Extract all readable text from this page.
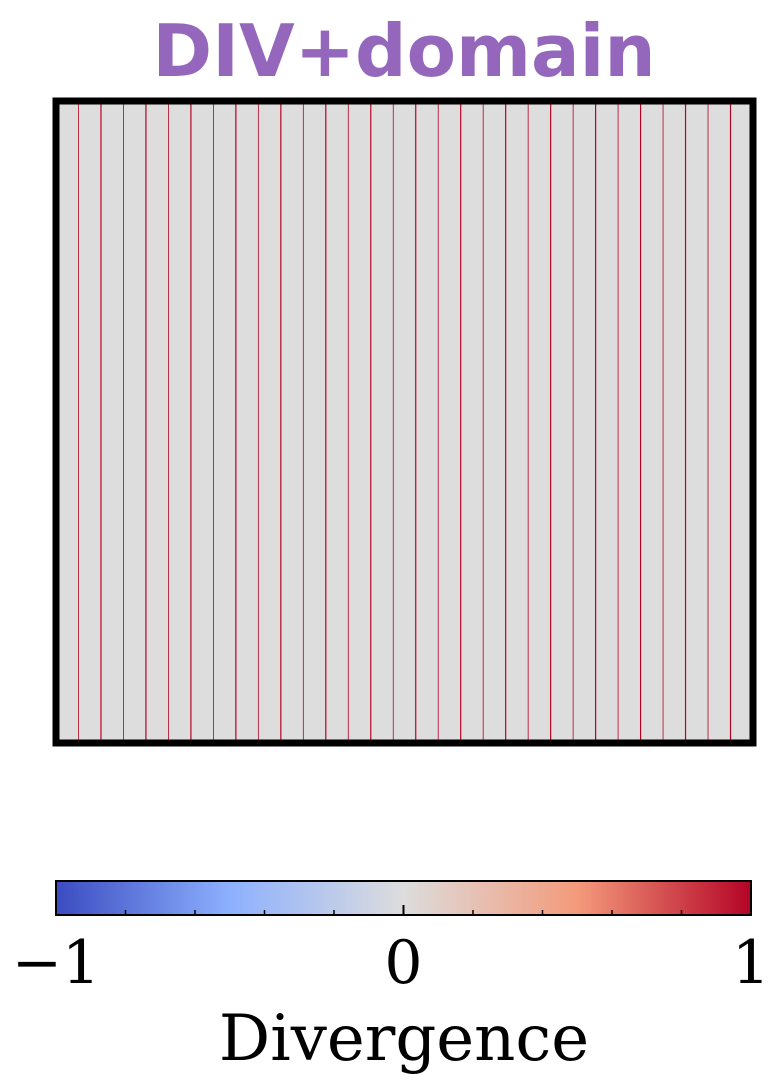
DIV+domain
−1	0	1
Divergence
